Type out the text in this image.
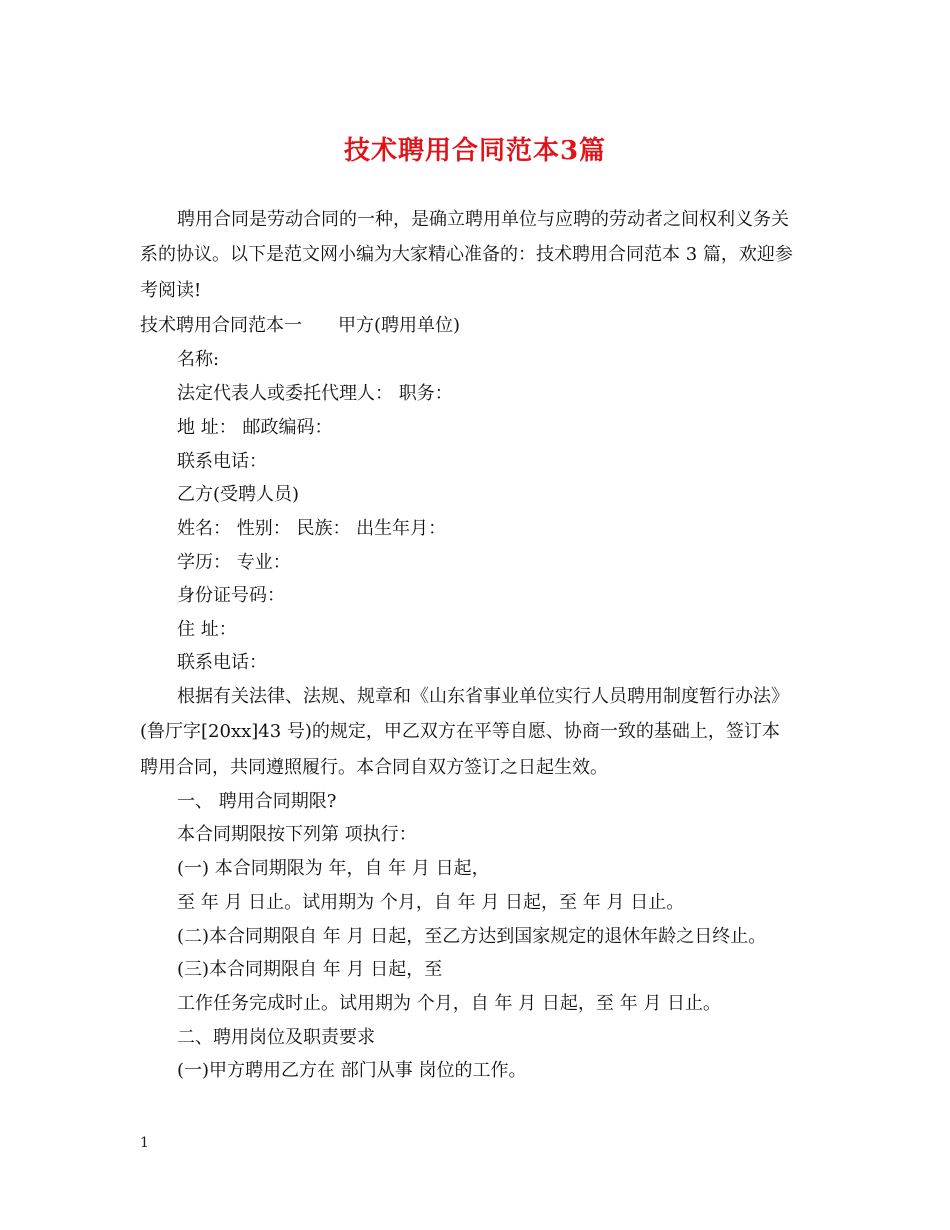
技术聘用合同范本3篇
聘用合同是劳动合同的一种，是确立聘用单位与应聘的劳动者之间权利义务关
系的协议。以下是范文网小编为大家精心准备的：技术聘用合同范本 3 篇，欢迎参
考阅读!
技术聘用合同范本一　　甲方(聘用单位)
名称:
法定代表人或委托代理人： 职务：
地 址： 邮政编码：
联系电话：
乙方(受聘人员)
姓名： 性别： 民族： 出生年月：
学历： 专业：
身份证号码：
住 址：
联系电话：
根据有关法律、法规、规章和《山东省事业单位实行人员聘用制度暂行办法》
(鲁厅字[20xx]43 号)的规定，甲乙双方在平等自愿、协商一致的基础上，签订本
聘用合同，共同遵照履行。本合同自双方签订之日起生效。
一、 聘用合同期限?
本合同期限按下列第 项执行：
(一) 本合同期限为 年，自 年 月 日起，
至 年 月 日止。试用期为 个月，自 年 月 日起，至 年 月 日止。
(二)本合同期限自 年 月 日起，至乙方达到国家规定的退休年龄之日终止。
(三)本合同期限自 年 月 日起，至
工作任务完成时止。试用期为 个月，自 年 月 日起，至 年 月 日止。
二、聘用岗位及职责要求
(一)甲方聘用乙方在 部门从事 岗位的工作。
1
